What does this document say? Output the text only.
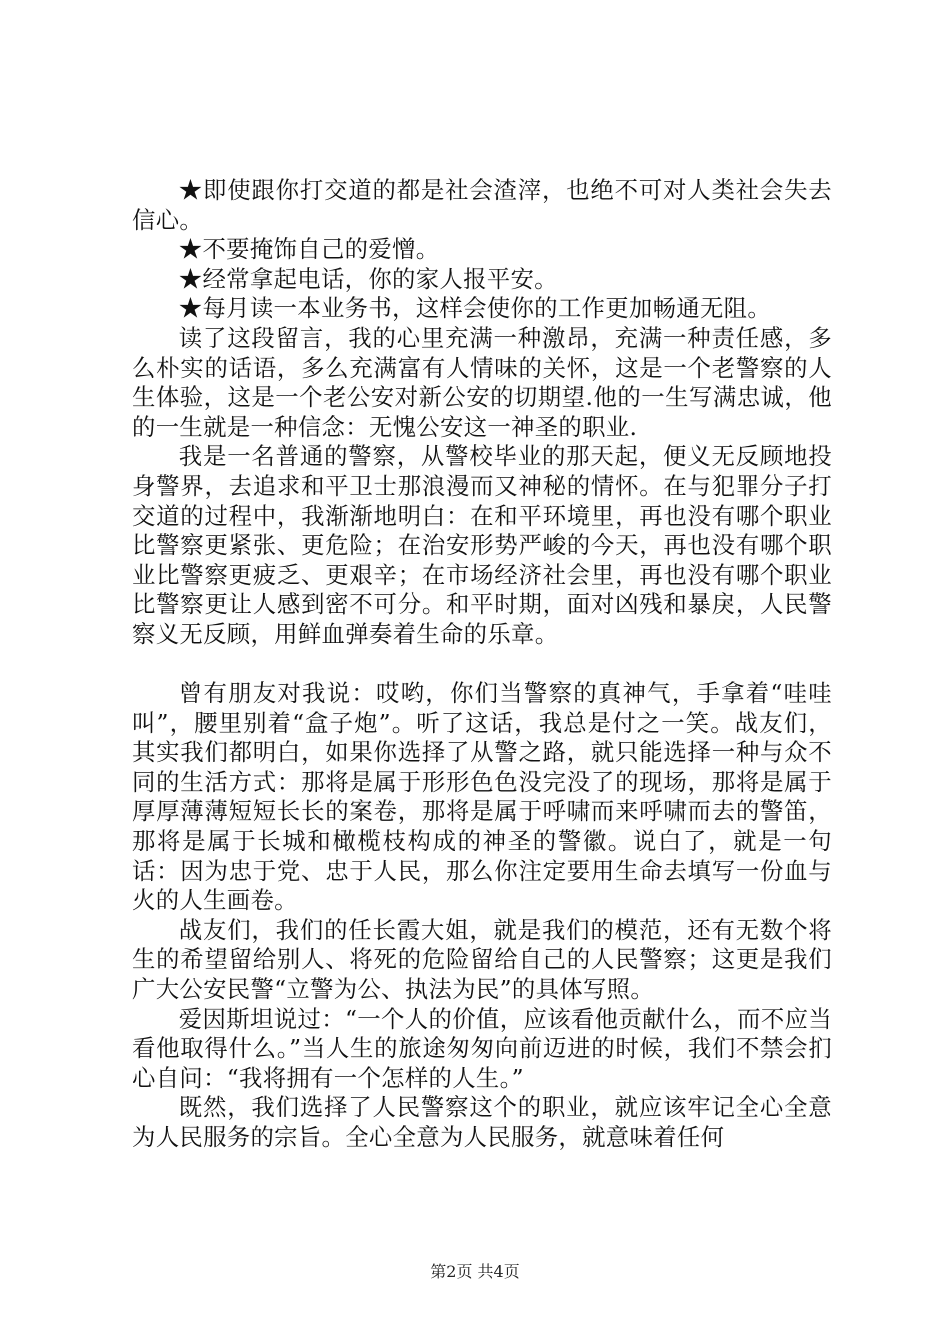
★即使跟你打交道的都是社会渣滓，也绝不可对人类社会失去信心。

★不要掩饰自己的爱憎。

★经常拿起电话，你的家人报平安。

★每月读一本业务书，这样会使你的工作更加畅通无阻。

读了这段留言，我的心里充满一种激昂，充满一种责任感，多么朴实的话语，多么充满富有人情味的关怀，这是一个老警察的人生体验，这是一个老公安对新公安的切期望.他的一生写满忠诚，他的一生就是一种信念：无愧公安这一神圣的职业.

我是一名普通的警察，从警校毕业的那天起，便义无反顾地投身警界，去追求和平卫士那浪漫而又神秘的情怀。在与犯罪分子打交道的过程中，我渐渐地明白：在和平环境里，再也没有哪个职业比警察更紧张、更危险；在治安形势严峻的今天，再也没有哪个职业比警察更疲乏、更艰辛；在市场经济社会里，再也没有哪个职业比警察更让人感到密不可分。和平时期，面对凶残和暴戾，人民警察义无反顾，用鲜血弹奏着生命的乐章。

曾有朋友对我说：哎哟，你们当警察的真神气，手拿着“哇哇叫”，腰里别着“盒子炮”。听了这话，我总是付之一笑。战友们，其实我们都明白，如果你选择了从警之路，就只能选择一种与众不同的生活方式：那将是属于形形色色没完没了的现场，那将是属于厚厚薄薄短短长长的案卷，那将是属于呼啸而来呼啸而去的警笛，那将是属于长城和橄榄枝构成的神圣的警徽。说白了，就是一句话：因为忠于党、忠于人民，那么你注定要用生命去填写一份血与火的人生画卷。

战友们，我们的任长霞大姐，就是我们的模范，还有无数个将生的希望留给别人、将死的危险留给自己的人民警察；这更是我们广大公安民警“立警为公、执法为民”的具体写照。

爱因斯坦说过：“一个人的价值，应该看他贡献什么，而不应当看他取得什么。”当人生的旅途匆匆向前迈进的时候，我们不禁会扪心自问：“我将拥有一个怎样的人生。”

既然，我们选择了人民警察这个的职业，就应该牢记全心全意为人民服务的宗旨。全心全意为人民服务，就意味着任何

第2页 共4页
